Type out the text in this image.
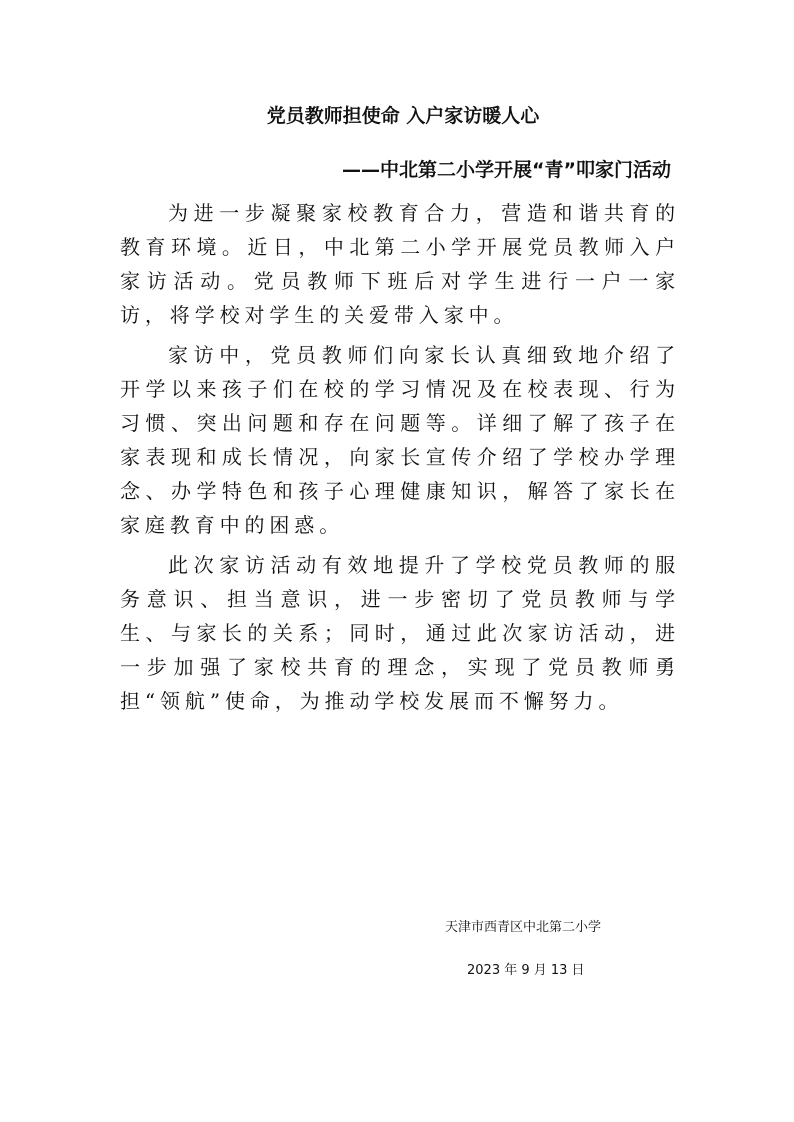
党员教师担使命 入户家访暖人心
——中北第二小学开展“青”叩家门活动

为进一步凝聚家校教育合力，营造和谐共育的教育环境。近日，中北第二小学开展党员教师入户家访活动。党员教师下班后对学生进行一户一家访，将学校对学生的关爱带入家中。

家访中，党员教师们向家长认真细致地介绍了开学以来孩子们在校的学习情况及在校表现、行为习惯、突出问题和存在问题等。详细了解了孩子在家表现和成长情况，向家长宣传介绍了学校办学理念、办学特色和孩子心理健康知识，解答了家长在家庭教育中的困惑。

此次家访活动有效地提升了学校党员教师的服务意识、担当意识，进一步密切了党员教师与学生、与家长的关系；同时，通过此次家访活动，进一步加强了家校共育的理念，实现了党员教师勇担“领航”使命，为推动学校发展而不懈努力。

天津市西青区中北第二小学
2023 年 9 月 13 日
